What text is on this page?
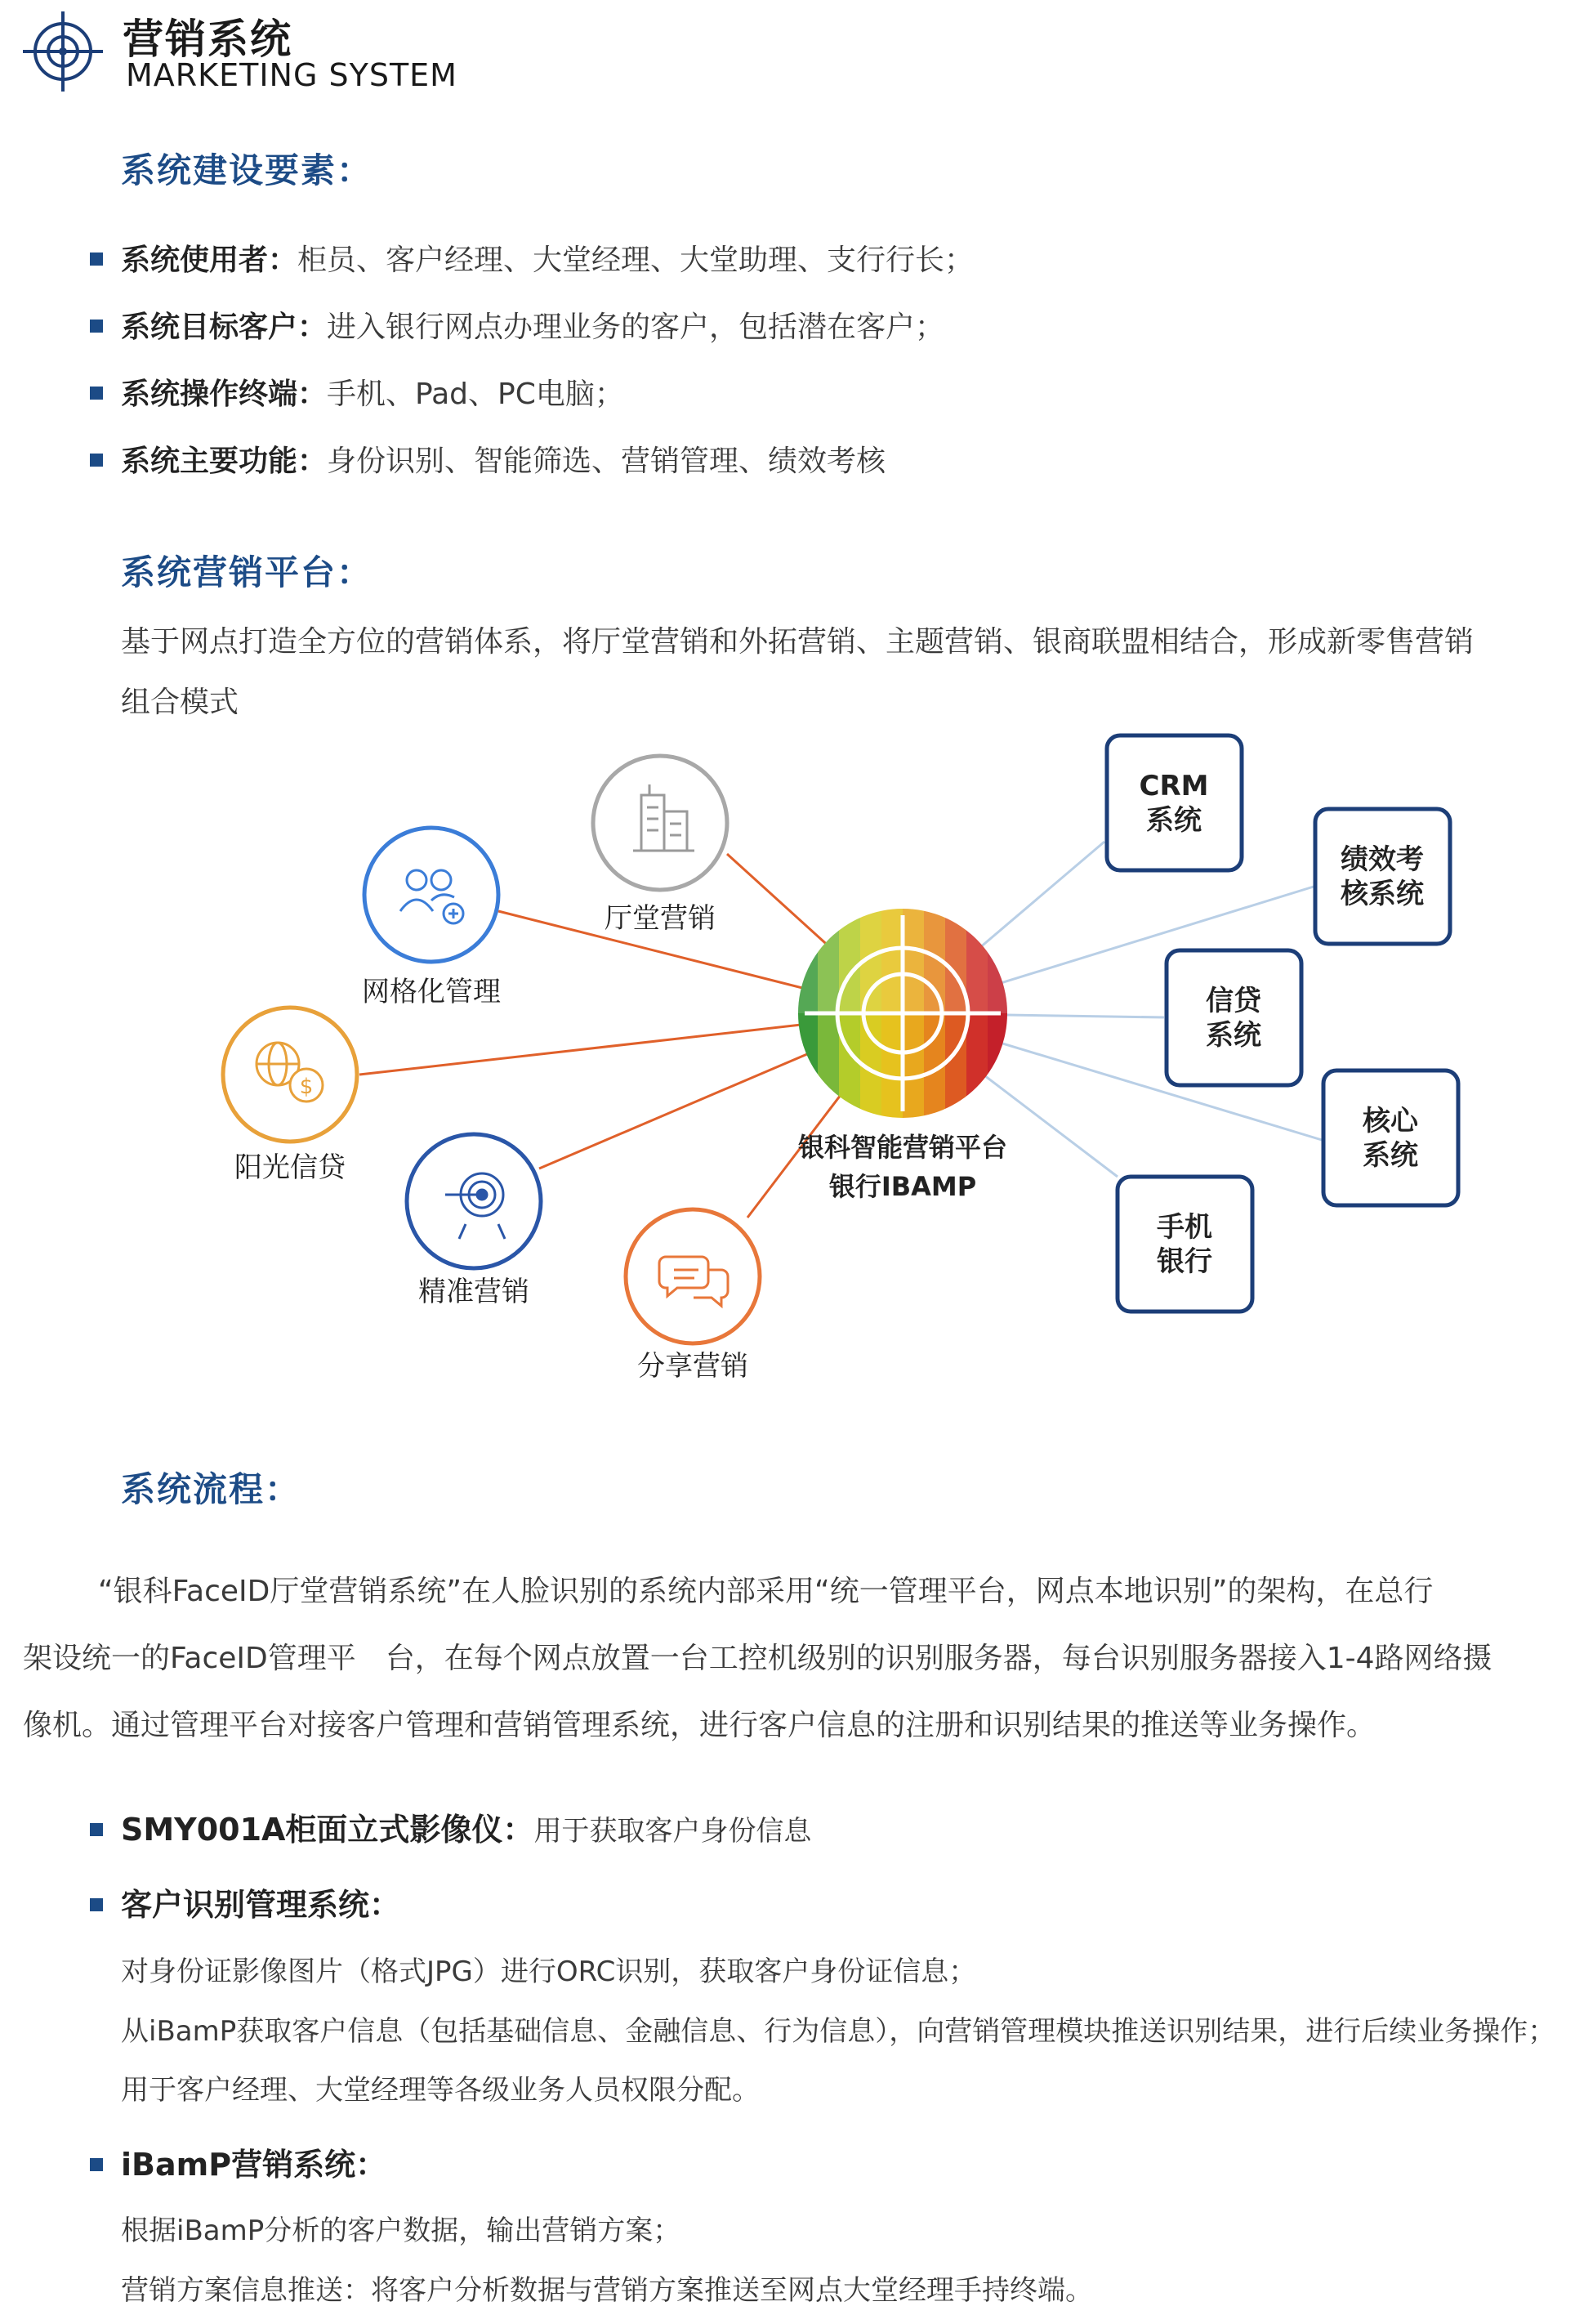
营销系统
MARKETING SYSTEM
系统建设要素：
系统使用者：柜员、客户经理、大堂经理、大堂助理、支行行长；
系统目标客户：进入银行网点办理业务的客户，包括潜在客户；
系统操作终端：手机、Pad、PC电脑；
系统主要功能：身份识别、智能筛选、营销管理、绩效考核
系统营销平台：
基于网点打造全方位的营销体系，将厅堂营销和外拓营销、主题营销、银商联盟相结合，形成新零售营销
组合模式
银科智能营销平台
银行IBAMP
厅堂营销
网格化管理
$
阳光信贷
精准营销
分享营销
CRM
系统
绩效考
核系统
信贷
系统
核心
系统
手机
银行
系统流程：
“银科FaceID厅堂营销系统”在人脸识别的系统内部采用“统一管理平台，网点本地识别”的架构，在总行
架设统一的FaceID管理平　台，在每个网点放置一台工控机级别的识别服务器，每台识别服务器接入1-4路网络摄
像机。通过管理平台对接客户管理和营销管理系统，进行客户信息的注册和识别结果的推送等业务操作。
SMY001A柜面立式影像仪：用于获取客户身份信息
客户识别管理系统：
对身份证影像图片（格式JPG）进行ORC识别，获取客户身份证信息；
从iBamP获取客户信息（包括基础信息、金融信息、行为信息），向营销管理模块推送识别结果，进行后续业务操作；
用于客户经理、大堂经理等各级业务人员权限分配。
iBamP营销系统：
根据iBamP分析的客户数据，输出营销方案；
营销方案信息推送：将客户分析数据与营销方案推送至网点大堂经理手持终端。
